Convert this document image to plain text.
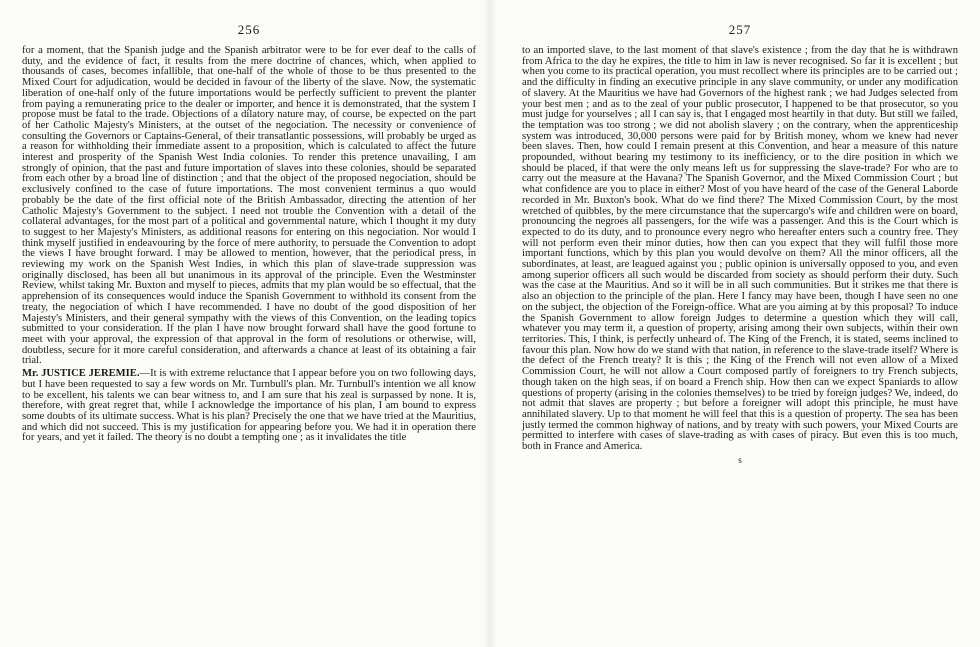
256

for a moment, that the Spanish judge and the Spanish arbitrator were to be for ever deaf to the calls of duty, and the evidence of fact, it results from the mere doctrine of chances, which, when applied to thousands of cases, becomes infallible, that one-half of the whole of those to be thus presented to the Mixed Court for adjudication, would be decided in favour of the liberty of the slave. Now, the systematic liberation of one-half only of the future importations would be perfectly sufficient to prevent the planter from paying a remunerating price to the dealer or importer, and hence it is demonstrated, that the system I propose must be fatal to the trade. Objections of a dilatory nature may, of course, be expected on the part of her Catholic Majesty's Ministers, at the outset of the negociation. The necessity or convenience of consulting the Governors or Captains-General, of their transatlantic possessions, will probably be urged as a reason for withholding their immediate assent to a proposition, which is calculated to affect the future interest and prosperity of the Spanish West India colonies. To render this pretence unavailing, I am strongly of opinion, that the past and future importation of slaves into these colonies, should be separated from each other by a broad line of distinction ; and that the object of the proposed negociation, should be exclusively confined to the case of future importations. The most convenient terminus a quo would probably be the date of the first official note of the British Ambassador, directing the attention of her Catholic Majesty's Government to the subject. I need not trouble the Convention with a detail of the collateral advantages, for the most part of a political and governmental nature, which I thought it my duty to suggest to her Majesty's Ministers, as additional reasons for entering on this negociation. Nor would I think myself justified in endeavouring by the force of mere authority, to persuade the Convention to adopt the views I have brought forward. I may be allowed to mention, however, that the periodical press, in reviewing my work on the Spanish West Indies, in which this plan of slave-trade suppression was originally disclosed, has been all but unanimous in its approval of the principle. Even the Westminster Review, whilst taking Mr. Buxton and myself to pieces, admits that my plan would be so effectual, that the apprehension of its consequences would induce the Spanish Government to withhold its consent from the treaty, the negociation of which I have recommended. I have no doubt of the good disposition of her Majesty's Ministers, and their general sympathy with the views of this Convention, on the leading topics submitted to your consideration. If the plan I have now brought forward shall have the good fortune to meet with your approval, the expression of that approval in the form of resolutions or otherwise, will, doubtless, secure for it more careful consideration, and afterwards a chance at least of its obtaining a fair trial.

Mr. JUSTICE JEREMIE.—It is with extreme reluctance that I appear before you on two following days, but I have been requested to say a few words on Mr. Turnbull's plan. Mr. Turnbull's intention we all know to be excellent, his talents we can bear witness to, and I am sure that his zeal is surpassed by none. It is, therefore, with great regret that, while I acknowledge the importance of his plan, I am bound to express some doubts of its ultimate success. What is his plan? Precisely the one that we have tried at the Mauritius, and which did not succeed. This is my justification for appearing before you. We had it in operation there for years, and yet it failed. The theory is no doubt a tempting one ; as it invalidates the title

257

to an imported slave, to the last moment of that slave's existence ; from the day that he is withdrawn from Africa to the day he expires, the title to him in law is never recognised. So far it is excellent ; but when you come to its practical operation, you must recollect where its principles are to be carried out ; and the difficulty in finding an executive principle in any slave community, or under any modification of slavery. At the Mauritius we have had Governors of the highest rank ; we had Judges selected from your best men ; and as to the zeal of your public prosecutor, I happened to be that prosecutor, so you must judge for yourselves ; all I can say is, that I engaged most heartily in that duty. But still we failed, the temptation was too strong ; we did not abolish slavery ; on the contrary, when the apprenticeship system was introduced, 30,000 persons were paid for by British money, whom we knew had never been slaves. Then, how could I remain present at this Convention, and hear a measure of this nature propounded, without bearing my testimony to its inefficiency, or to the dire position in which we should be placed, if that were the only means left us for suppressing the slave-trade? For who are to carry out the measure at the Havana? The Spanish Governor, and the Mixed Commission Court ; but what confidence are you to place in either? Most of you have heard of the case of the General Laborde recorded in Mr. Buxton's book. What do we find there? The Mixed Commission Court, by the most wretched of quibbles, by the mere circumstance that the supercargo's wife and children were on board, pronouncing the negroes all passengers, for the wife was a passenger. And this is the Court which is expected to do its duty, and to pronounce every negro who hereafter enters such a country free. They will not perform even their minor duties, how then can you expect that they will fulfil those more important functions, which by this plan you would devolve on them? All the minor officers, all the subordinates, at least, are leagued against you ; public opinion is universally opposed to you, and even among superior officers all such would be discarded from society as should perform their duty. Such was the case at the Mauritius. And so it will be in all such communities. But it strikes me that there is also an objection to the principle of the plan. Here I fancy may have been, though I have seen no one on the subject, the objection of the Foreign-office. What are you aiming at by this proposal? To induce the Spanish Government to allow foreign Judges to determine a question which they will call, whatever you may term it, a question of property, arising among their own subjects, within their own territories. This, I think, is perfectly unheard of. The King of the French, it is stated, seems inclined to favour this plan. Now how do we stand with that nation, in reference to the slave-trade itself? Where is the defect of the French treaty? It is this ; the King of the French will not even allow of a Mixed Commission Court, he will not allow a Court composed partly of foreigners to try French subjects, though taken on the high seas, if on board a French ship. How then can we expect Spaniards to allow questions of property (arising in the colonies themselves) to be tried by foreign judges? We, indeed, do not admit that slaves are property ; but before a foreigner will adopt this principle, he must have annihilated slavery. Up to that moment he will feel that this is a question of property. The sea has been justly termed the common highway of nations, and by treaty with such powers, your Mixed Courts are permitted to interfere with cases of slave-trading as with cases of piracy. But even this is too much, both in France and America.

s
